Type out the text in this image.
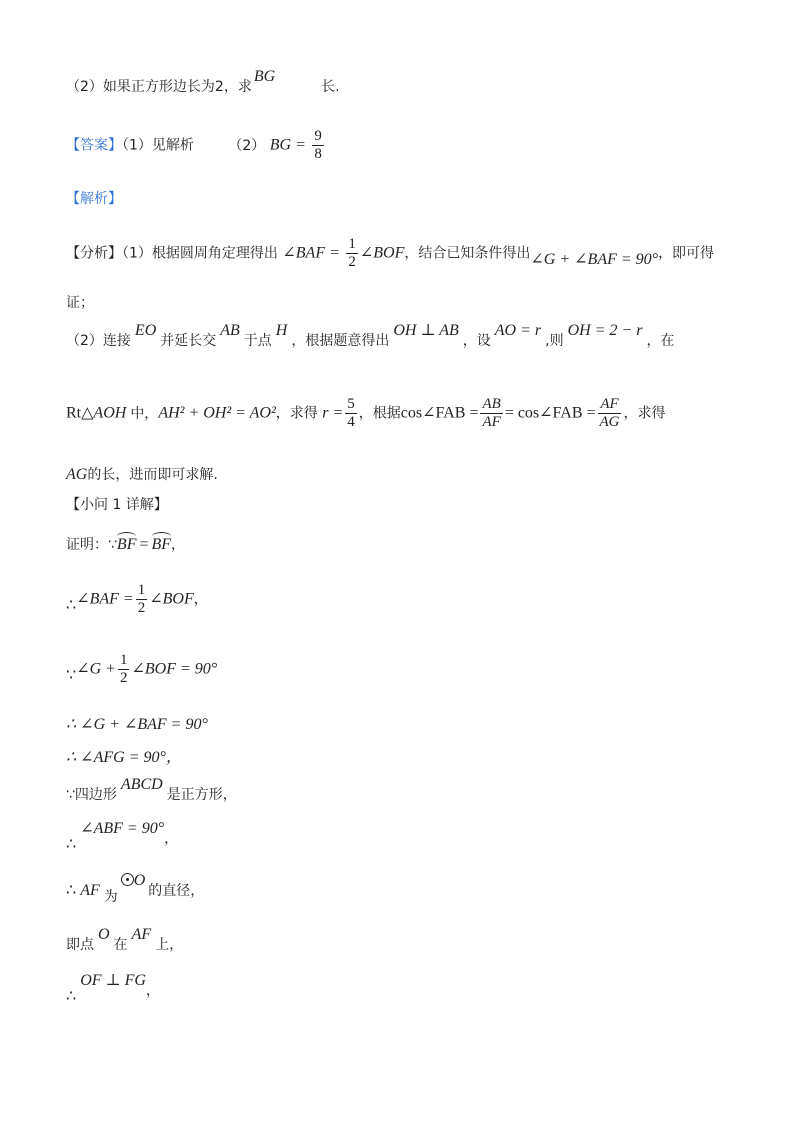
（2）如果正方形边长为2，求BG长.
【答案】（1）见解析 （2） BG = $\frac{9}{8}$
【解析】
【分析】（1）根据圆周角定理得出 ∠BAF = $\frac{1}{2}$ ∠BOF，结合已知条件得出∠G + ∠BAF = 90°，即可得
证；
（2）连接EO并延长交AB于点H，根据题意得出OH ⊥ AB，设AO = r,则OH = 2 − r，在
Rt△AOH 中，AH² + OH² = AO²，求得 $r = \frac{5}{4}$ ，根据cos∠FAB = $\frac{AB}{AF}$ = cos∠FAB = $\frac{AF}{AG}$ ，求得
AG的长，进而即可求解.
【小问 1 详解】
证明：∵BF = BF，
∴∠BAF = $\frac{1}{2}$ ∠BOF，
∵∠G + $\frac{1}{2}$ ∠BOF = 90°
∴ ∠G + ∠BAF = 90°
∴ ∠AFG = 90°，
∵四边形ABCD是正方形，
∴∠ABF = 90°，
∴ AF 为O的直径，
即点O在AF上，
∴OF ⊥ FG，
